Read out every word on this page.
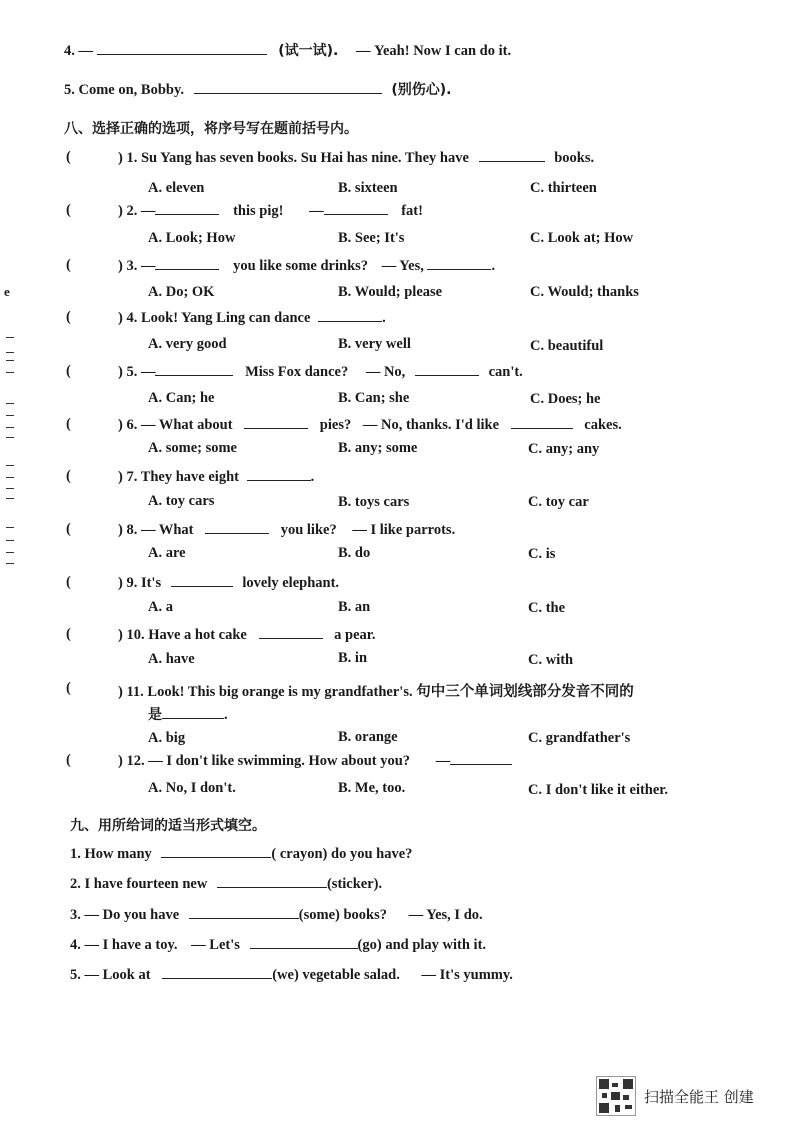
e
4. —	(试一试). — Yeah! Now I can do it.
5. Come on, Bobby.	(别伤心).
八、选择正确的选项，将序号写在题前括号内。
(	) 1. Su Yang has seven books. Su Hai has nine. They have	books.
A. eleven	B. sixteen	C. thirteen
(	) 2. —	this pig! —	fat!
A. Look; How	B. See; It's	C. Look at; How
(	) 3. —	you like some drinks? — Yes,	.
A. Do; OK	B. Would; please	C. Would; thanks
(	) 4. Look! Yang Ling can dance	.
A. very good	B. very well	C. beautiful
(	) 5. —	Miss Fox dance? — No,	can't.
A. Can; he	B. Can; she	C. Does; he
(	) 6. — What about	pies? — No, thanks. I'd like	cakes.
A. some; some	B. any; some	C. any; any
(	) 7. They have eight	.
A. toy cars	B. toys cars	C. toy car
(	) 8. — What	you like? — I like parrots.
A. are	B. do	C. is
(	) 9. It's	lovely elephant.
A. a	B. an	C. the
(	) 10. Have a hot cake	a pear.
A. have	B. in	C. with
(	) 11. Look! This big orange is my grandfather's. 句中三个单词划线部分发音不同的
是	.
A. big	B. orange	C. grandfather's
(	) 12. — I don't like swimming. How about you? —
A. No, I don't.	B. Me, too.	C. I don't like it either.
九、用所给词的适当形式填空。
1. How many	( crayon) do you have?
2. I have fourteen new	(sticker).
3. — Do you have	(some) books? — Yes, I do.
4. — I have a toy. — Let's	(go) and play with it.
5. — Look at	(we) vegetable salad. — It's yummy.
扫描全能王 创建
